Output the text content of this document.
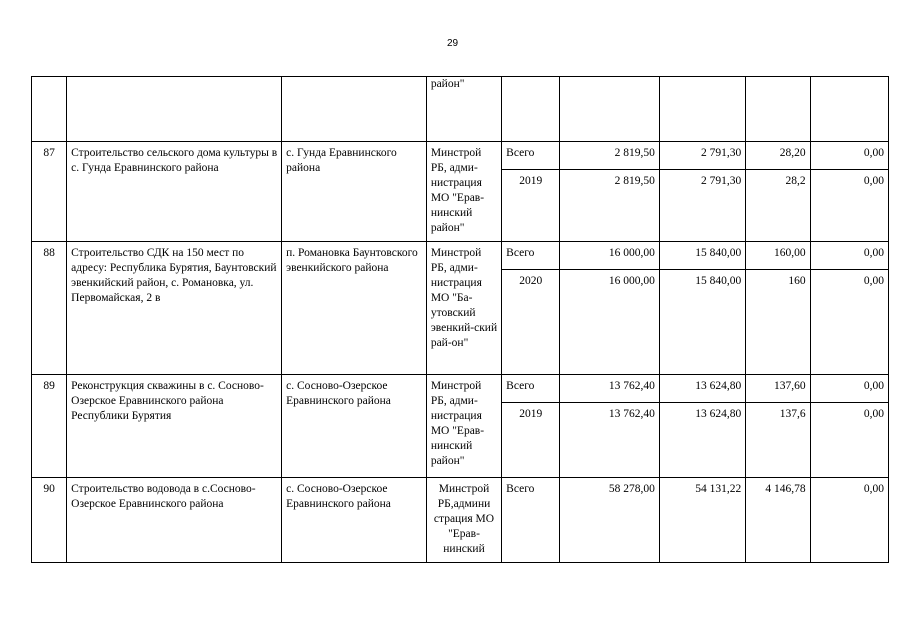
29
			район"					
87	Строительство сельского дома культуры в с. Гунда Еравнинского района	с. Гунда Еравнинского района	Минстрой РБ, адми-нистрация МО "Ерав-нинский район"	Всего	2 819,50	2 791,30	28,20	0,00
				2019	2 819,50	2 791,30	28,2	0,00
88	Строительство СДК на 150 мест по адресу: Республика Бурятия, Баунтовский эвенкийский район, с. Романовка, ул. Первомайская, 2 в	п. Романовка Баунтовского эвенкийского района	Минстрой РБ, адми-нистрация МО "Ба-утовский эвенкий-ский рай-он"	Всего	16 000,00	15 840,00	160,00	0,00
				2020	16 000,00	15 840,00	160	0,00
89	Реконструкция скважины в с. Сосново-Озерское Еравнинского района Республики Бурятия	с. Сосново-Озерское Еравнинского района	Минстрой РБ, адми-нистрация МО "Ерав-нинский район"	Всего	13 762,40	13 624,80	137,60	0,00
				2019	13 762,40	13 624,80	137,6	0,00
90	Строительство водовода в с.Сосново-Озерское Еравнинского района	с. Сосново-Озерское Еравнинского района	Минстрой РБ,админи страция МО "Ерав-нинский	Всего	58 278,00	54 131,22	4 146,78	0,00
